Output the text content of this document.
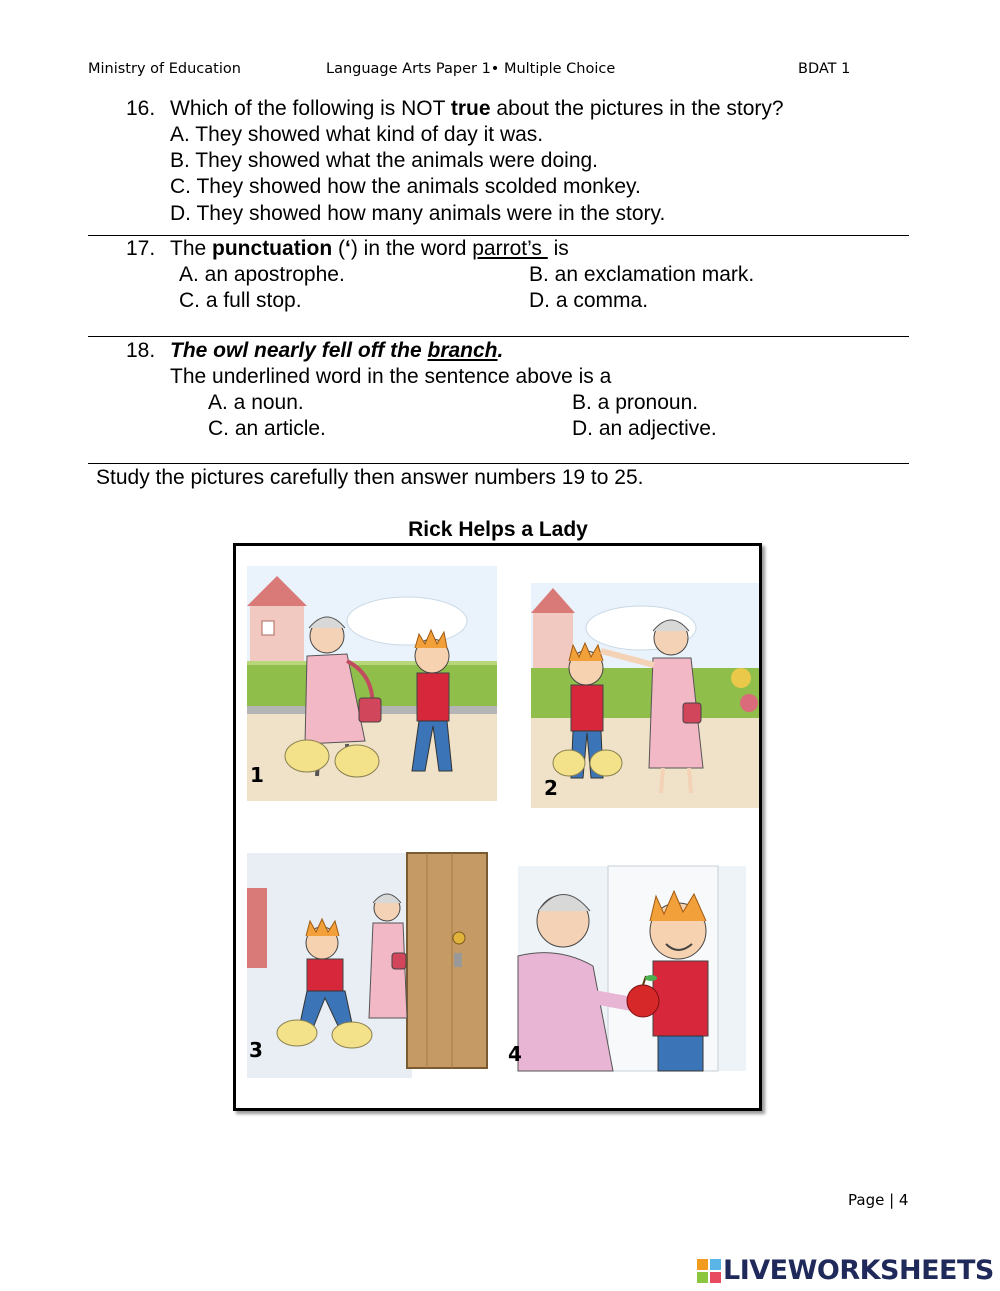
Ministry of Education	Language Arts Paper 1• Multiple Choice	BDAT 1
16. Which of the following is NOT true about the pictures in the story?
A. They showed what kind of day it was.
B. They showed what the animals were doing.
C. They showed how the animals scolded monkey.
D. They showed how many animals were in the story.
17. The punctuation (‘) in the word parrot’s  is
A. an apostrophe.	B. an exclamation mark.
C. a full stop.	D. a comma.
18. The owl nearly fell off the branch.
The underlined word in the sentence above is a
A. a noun.	B. a pronoun.
C. an article.	D. an adjective.
Study the pictures carefully then answer numbers 19 to 25.
Rick Helps a Lady
1
2
3	4
Page | 4
LIVEWORKSHEETS
